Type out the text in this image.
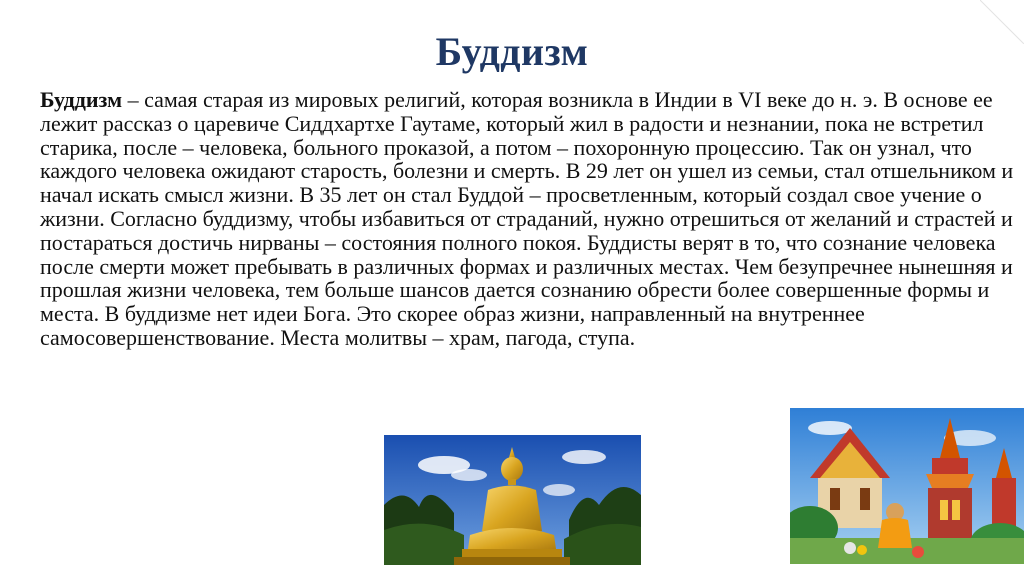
Буддизм
Буддизм – самая старая из мировых религий, которая возникла в Индии в VI веке до н. э. В основе ее лежит рассказ о царевиче Сиддхартхе Гаутаме, который жил в радости и незнании, пока не встретил старика, после – человека, больного проказой, а потом – похоронную процессию. Так он узнал, что каждого человека ожидают старость, болезни и смерть. В 29 лет он ушел из семьи, стал отшельником и начал искать смысл жизни. В 35 лет он стал Буддой – просветленным, который создал свое учение о жизни. Согласно буддизму, чтобы избавиться от страданий, нужно отрешиться от желаний и страстей и постараться достичь нирваны – состояния полного покоя. Буддисты верят в то, что сознание человека после смерти может пребывать в различных формах и различных местах. Чем безупречнее нынешняя и прошлая жизни человека, тем больше шансов дается сознанию обрести более совершенные формы и места. В буддизме нет идеи Бога. Это скорее образ жизни, направленный на внутреннее самосовершенствование. Места молитвы – храм, пагода, ступа.
